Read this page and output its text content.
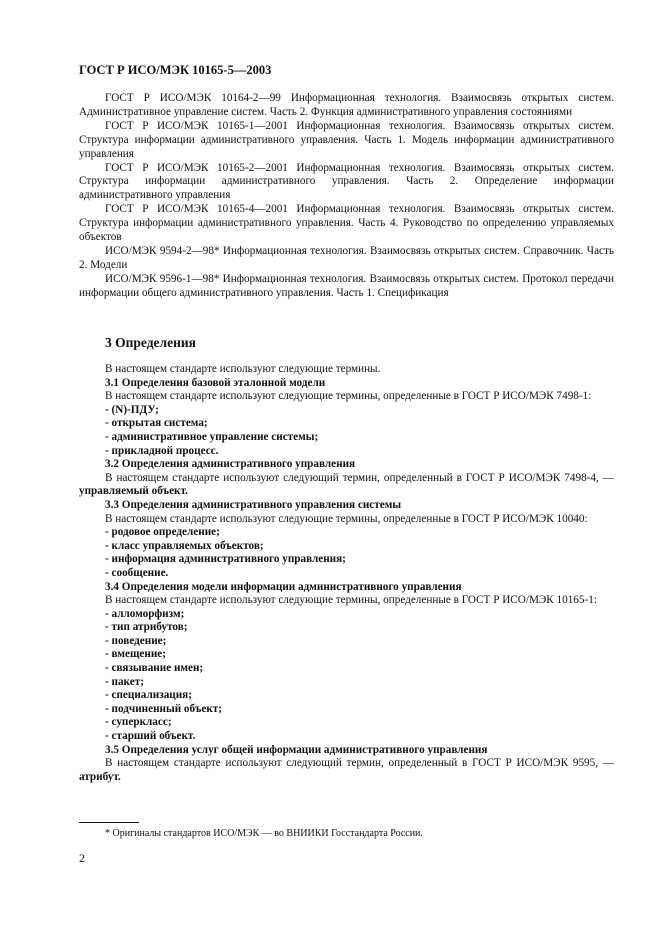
ГОСТ Р ИСО/МЭК 10165-5—2003

ГОСТ Р ИСО/МЭК 10164-2—99 Информационная технология. Взаимосвязь открытых систем. Административное управление систем. Часть 2. Функция административного управления состояниями

ГОСТ Р ИСО/МЭК 10165-1—2001 Информационная технология. Взаимосвязь открытых систем. Структура информации административного управления. Часть 1. Модель информации административного управления

ГОСТ Р ИСО/МЭК 10165-2—2001 Информационная технология. Взаимосвязь открытых систем. Структура информации административного управления. Часть 2. Определение информации административного управления

ГОСТ Р ИСО/МЭК 10165-4—2001 Информационная технология. Взаимосвязь открытых систем. Структура информации административного управления. Часть 4. Руководство по определению управляемых объектов

ИСО/МЭК 9594-2—98* Информационная технология. Взаимосвязь открытых систем. Справочник. Часть 2. Модели

ИСО/МЭК 9596-1—98* Информационная технология. Взаимосвязь открытых систем. Протокол передачи информации общего административного управления. Часть 1. Спецификация

3 Определения

В настоящем стандарте используют следующие термины.

3.1 Определения базовой эталонной модели

В настоящем стандарте используют следующие термины, определенные в ГОСТ Р ИСО/МЭК 7498-1:

- (N)-ПДУ;
- открытая система;
- административное управление системы;
- прикладной процесс.

3.2 Определения административного управления

В настоящем стандарте используют следующий термин, определенный в ГОСТ Р ИСО/МЭК 7498-4, — управляемый объект.

3.3 Определения административного управления системы

В настоящем стандарте используют следующие термины, определенные в ГОСТ Р ИСО/МЭК 10040:

- родовое определение;
- класс управляемых объектов;
- информация административного управления;
- сообщение.

3.4 Определения модели информации административного управления

В настоящем стандарте используют следующие термины, определенные в ГОСТ Р ИСО/МЭК 10165-1:

- алломорфизм;
- тип атрибутов;
- поведение;
- вмещение;
- связывание имен;
- пакет;
- специализация;
- подчиненный объект;
- суперкласс;
- старший объект.

3.5 Определения услуг общей информации административного управления

В настоящем стандарте используют следующий термин, определенный в ГОСТ Р ИСО/МЭК 9595, — атрибут.

* Оригиналы стандартов ИСО/МЭК — во ВНИИКИ Госстандарта России.
2
